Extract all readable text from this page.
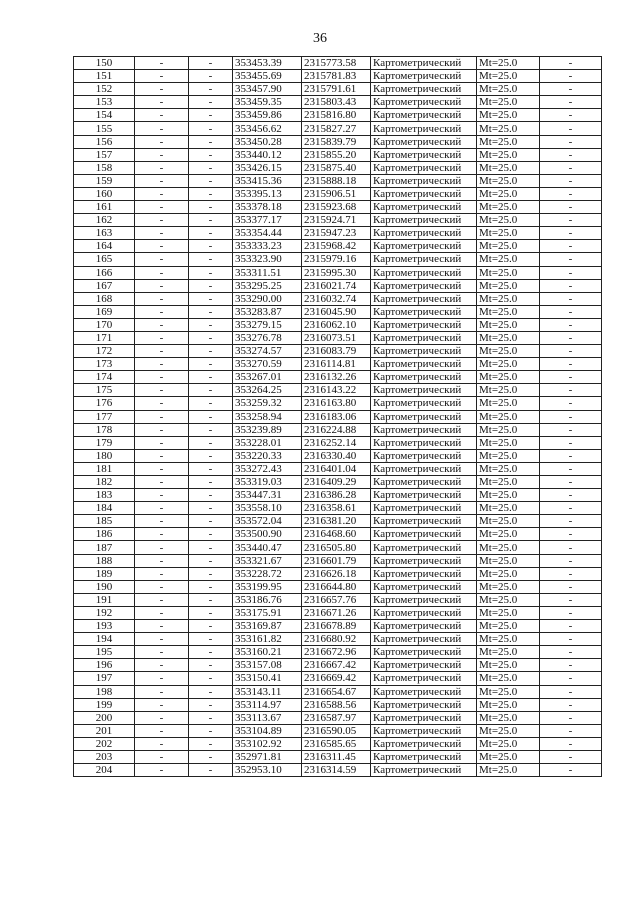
36
150	-	-	353453.39	2315773.58	Картометрический	Mt=25.0	-
151	-	-	353455.69	2315781.83	Картометрический	Mt=25.0	-
152	-	-	353457.90	2315791.61	Картометрический	Mt=25.0	-
153	-	-	353459.35	2315803.43	Картометрический	Mt=25.0	-
154	-	-	353459.86	2315816.80	Картометрический	Mt=25.0	-
155	-	-	353456.62	2315827.27	Картометрический	Mt=25.0	-
156	-	-	353450.28	2315839.79	Картометрический	Mt=25.0	-
157	-	-	353440.12	2315855.20	Картометрический	Mt=25.0	-
158	-	-	353426.15	2315875.40	Картометрический	Mt=25.0	-
159	-	-	353415.36	2315888.18	Картометрический	Mt=25.0	-
160	-	-	353395.13	2315906.51	Картометрический	Mt=25.0	-
161	-	-	353378.18	2315923.68	Картометрический	Mt=25.0	-
162	-	-	353377.17	2315924.71	Картометрический	Mt=25.0	-
163	-	-	353354.44	2315947.23	Картометрический	Mt=25.0	-
164	-	-	353333.23	2315968.42	Картометрический	Mt=25.0	-
165	-	-	353323.90	2315979.16	Картометрический	Mt=25.0	-
166	-	-	353311.51	2315995.30	Картометрический	Mt=25.0	-
167	-	-	353295.25	2316021.74	Картометрический	Mt=25.0	-
168	-	-	353290.00	2316032.74	Картометрический	Mt=25.0	-
169	-	-	353283.87	2316045.90	Картометрический	Mt=25.0	-
170	-	-	353279.15	2316062.10	Картометрический	Mt=25.0	-
171	-	-	353276.78	2316073.51	Картометрический	Mt=25.0	-
172	-	-	353274.57	2316083.79	Картометрический	Mt=25.0	-
173	-	-	353270.59	2316114.81	Картометрический	Mt=25.0	-
174	-	-	353267.01	2316132.26	Картометрический	Mt=25.0	-
175	-	-	353264.25	2316143.22	Картометрический	Mt=25.0	-
176	-	-	353259.32	2316163.80	Картометрический	Mt=25.0	-
177	-	-	353258.94	2316183.06	Картометрический	Mt=25.0	-
178	-	-	353239.89	2316224.88	Картометрический	Mt=25.0	-
179	-	-	353228.01	2316252.14	Картометрический	Mt=25.0	-
180	-	-	353220.33	2316330.40	Картометрический	Mt=25.0	-
181	-	-	353272.43	2316401.04	Картометрический	Mt=25.0	-
182	-	-	353319.03	2316409.29	Картометрический	Mt=25.0	-
183	-	-	353447.31	2316386.28	Картометрический	Mt=25.0	-
184	-	-	353558.10	2316358.61	Картометрический	Mt=25.0	-
185	-	-	353572.04	2316381.20	Картометрический	Mt=25.0	-
186	-	-	353500.90	2316468.60	Картометрический	Mt=25.0	-
187	-	-	353440.47	2316505.80	Картометрический	Mt=25.0	-
188	-	-	353321.67	2316601.79	Картометрический	Mt=25.0	-
189	-	-	353228.72	2316626.18	Картометрический	Mt=25.0	-
190	-	-	353199.95	2316644.80	Картометрический	Mt=25.0	-
191	-	-	353186.76	2316657.76	Картометрический	Mt=25.0	-
192	-	-	353175.91	2316671.26	Картометрический	Mt=25.0	-
193	-	-	353169.87	2316678.89	Картометрический	Mt=25.0	-
194	-	-	353161.82	2316680.92	Картометрический	Mt=25.0	-
195	-	-	353160.21	2316672.96	Картометрический	Mt=25.0	-
196	-	-	353157.08	2316667.42	Картометрический	Mt=25.0	-
197	-	-	353150.41	2316669.42	Картометрический	Mt=25.0	-
198	-	-	353143.11	2316654.67	Картометрический	Mt=25.0	-
199	-	-	353114.97	2316588.56	Картометрический	Mt=25.0	-
200	-	-	353113.67	2316587.97	Картометрический	Mt=25.0	-
201	-	-	353104.89	2316590.05	Картометрический	Mt=25.0	-
202	-	-	353102.92	2316585.65	Картометрический	Mt=25.0	-
203	-	-	352971.81	2316311.45	Картометрический	Mt=25.0	-
204	-	-	352953.10	2316314.59	Картометрический	Mt=25.0	-
